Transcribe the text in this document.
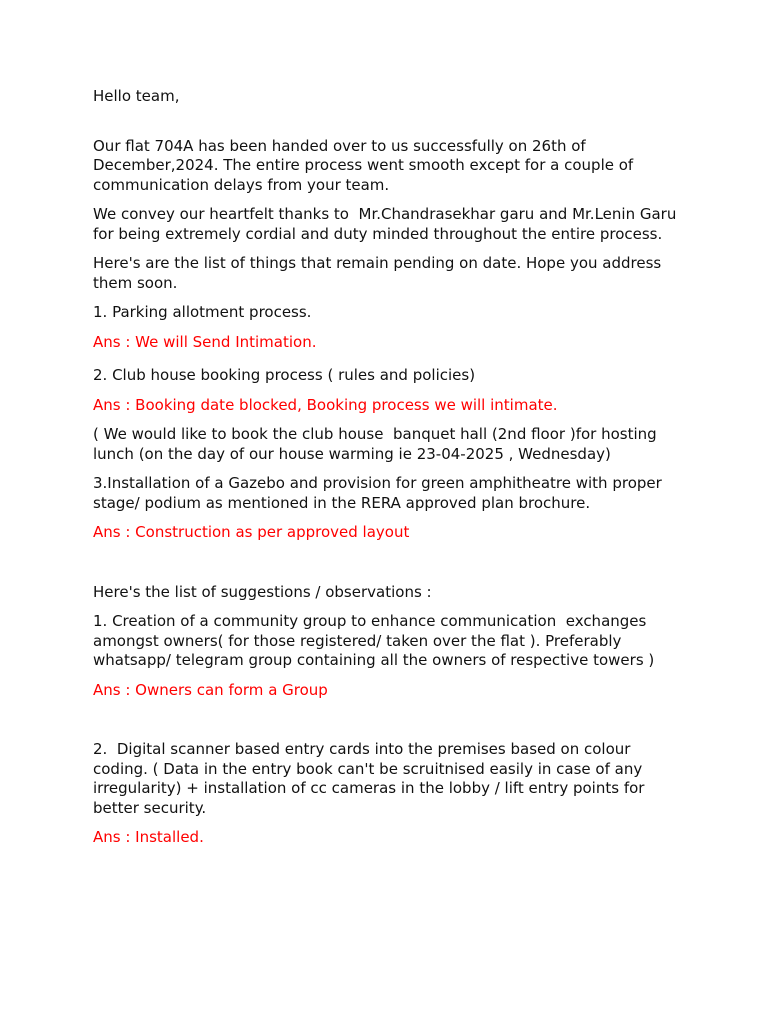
Hello team,

Our flat 704A has been handed over to us successfully on 26th of December,2024. The entire process went smooth except for a couple of communication delays from your team.

We convey our heartfelt thanks to  Mr.Chandrasekhar garu and Mr.Lenin Garu  for being extremely cordial and duty minded throughout the entire process.

Here's are the list of things that remain pending on date. Hope you address them soon.

1. Parking allotment process.

Ans : We will Send Intimation.

2. Club house booking process ( rules and policies)

Ans : Booking date blocked, Booking process we will intimate.

( We would like to book the club house  banquet hall (2nd floor )for hosting lunch (on the day of our house warming ie 23-04-2025 , Wednesday)

3.Installation of a Gazebo and provision for green amphitheatre with proper stage/ podium as mentioned in the RERA approved plan brochure.

Ans : Construction as per approved layout

Here's the list of suggestions / observations :

1. Creation of a community group to enhance communication  exchanges amongst owners( for those registered/ taken over the flat ). Preferably whatsapp/ telegram group containing all the owners of respective towers )

Ans : Owners can form a Group

2.  Digital scanner based entry cards into the premises based on colour coding. ( Data in the entry book can't be scruitnised easily in case of any irregularity) + installation of cc cameras in the lobby / lift entry points for better security.

Ans : Installed.
